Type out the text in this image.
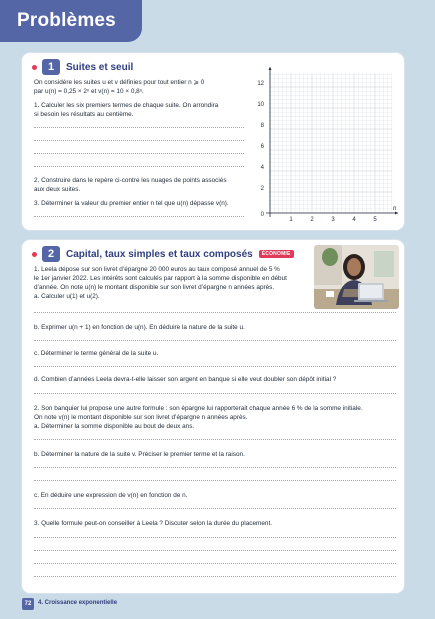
Problèmes
1	Suites et seuil
On considère les suites u et v définies pour tout entier n ⩾ 0
par u(n) = 0,25 × 2ⁿ et v(n) = 10 × 0,8ⁿ.
1. Calculer les six premiers termes de chaque suite. On arrondira
si besoin les résultats au centième.
2. Construire dans le repère ci-contre les nuages de points associés
aux deux suites.
3. Déterminer la valeur du premier entier n tel que u(n) dépasse v(n).
12
10
8
6
4
2
0
1	2	3	4	5
n
2	Capital, taux simples et taux composés	ÉCONOMIE
1. Leela dépose sur son livret d’épargne 20 000 euros au taux composé annuel de 5 %
le 1er janvier 2022. Les intérêts sont calculés par rapport à la somme disponible en début
d’année. On note u(n) le montant disponible sur son livret d’épargne n années après.
a. Calculer u(1) et u(2).
b. Exprimer u(n + 1) en fonction de u(n). En déduire la nature de la suite u.
c. Déterminer le terme général de la suite u.
d. Combien d’années Leela devra-t-elle laisser son argent en banque si elle veut doubler son dépôt initial ?
2. Son banquier lui propose une autre formule : son épargne lui rapporterait chaque année 6 % de la somme initiale.
On note v(n) le montant disponible sur son livret d’épargne n années après.
a. Déterminer la somme disponible au bout de deux ans.
b. Déterminer la nature de la suite v. Préciser le premier terme et la raison.
c. En déduire une expression de v(n) en fonction de n.
3. Quelle formule peut-on conseiller à Leela ? Discuter selon la durée du placement.
72	4. Croissance exponentielle
